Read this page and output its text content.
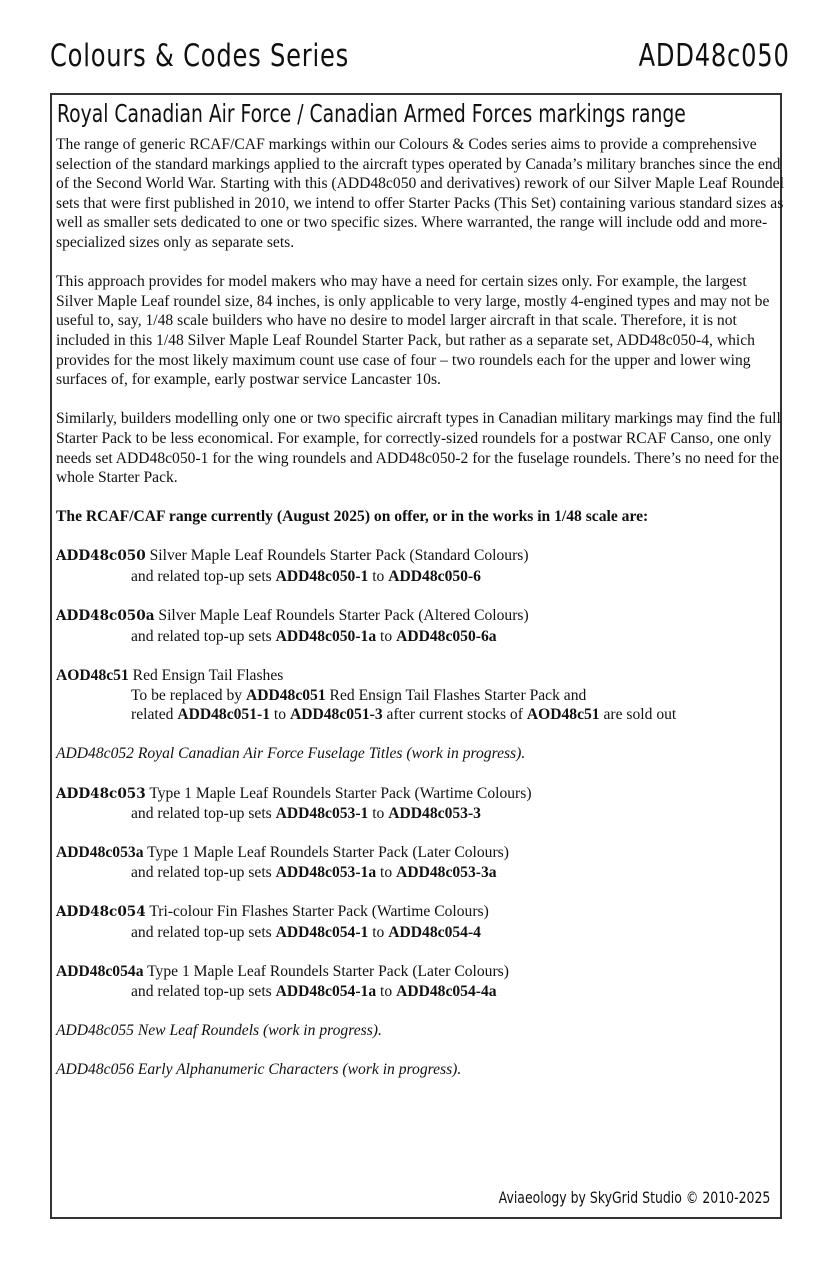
Colours & Codes Series	ADD48c050
Royal Canadian Air Force / Canadian Armed Forces markings range

The range of generic RCAF/CAF markings within our Colours & Codes series aims to provide a comprehensive selection of the standard markings applied to the aircraft types operated by Canada’s military branches since the end of the Second World War. Starting with this (ADD48c050 and derivatives) rework of our Silver Maple Leaf Roundel sets that were first published in 2010, we intend to offer Starter Packs (This Set) containing various standard sizes as well as smaller sets dedicated to one or two specific sizes. Where warranted, the range will include odd and more-specialized sizes only as separate sets.

This approach provides for model makers who may have a need for certain sizes only. For example, the largest Silver Maple Leaf roundel size, 84 inches, is only applicable to very large, mostly 4-engined types and may not be useful to, say, 1/48 scale builders who have no desire to model larger aircraft in that scale. Therefore, it is not included in this 1/48 Silver Maple Leaf Roundel Starter Pack, but rather as a separate set, ADD48c050-4, which provides for the most likely maximum count use case of four – two roundels each for the upper and lower wing surfaces of, for example, early postwar service Lancaster 10s.

Similarly, builders modelling only one or two specific aircraft types in Canadian military markings may find the full Starter Pack to be less economical. For example, for correctly-sized roundels for a postwar RCAF Canso, one only needs set ADD48c050-1 for the wing roundels and ADD48c050-2 for the fuselage roundels. There’s no need for the whole Starter Pack.

The RCAF/CAF range currently (August 2025) on offer, or in the works in 1/48 scale are:

ADD48c050 Silver Maple Leaf Roundels Starter Pack (Standard Colours)
and related top-up sets ADD48c050-1 to ADD48c050-6
ADD48c050a Silver Maple Leaf Roundels Starter Pack (Altered Colours)
and related top-up sets ADD48c050-1a to ADD48c050-6a
AOD48c51 Red Ensign Tail Flashes
To be replaced by ADD48c051 Red Ensign Tail Flashes Starter Pack and
related ADD48c051-1 to ADD48c051-3 after current stocks of AOD48c51 are sold out
ADD48c052 Royal Canadian Air Force Fuselage Titles (work in progress).
ADD48c053 Type 1 Maple Leaf Roundels Starter Pack (Wartime Colours)
and related top-up sets ADD48c053-1 to ADD48c053-3
ADD48c053a Type 1 Maple Leaf Roundels Starter Pack (Later Colours)
and related top-up sets ADD48c053-1a to ADD48c053-3a
ADD48c054 Tri-colour Fin Flashes Starter Pack (Wartime Colours)
and related top-up sets ADD48c054-1 to ADD48c054-4
ADD48c054a Type 1 Maple Leaf Roundels Starter Pack (Later Colours)
and related top-up sets ADD48c054-1a to ADD48c054-4a
ADD48c055 New Leaf Roundels (work in progress).
ADD48c056 Early Alphanumeric Characters (work in progress).
Aviaeology by SkyGrid Studio © 2010-2025
